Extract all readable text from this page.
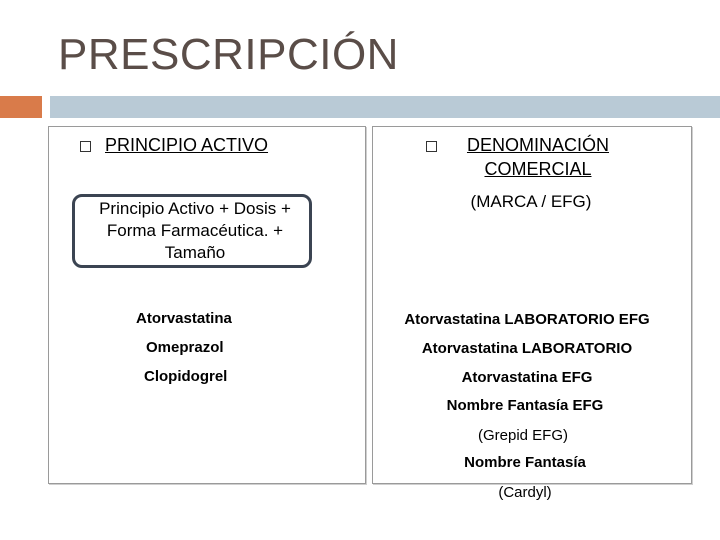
PRESCRIPCIÓN
PRINCIPIO ACTIVO
Principio Activo + Dosis +
Forma Farmacéutica. +
Tamaño
Atorvastatina
Omeprazol
Clopidogrel
DENOMINACIÓN
COMERCIAL
(MARCA / EFG)
Atorvastatina LABORATORIO EFG
Atorvastatina LABORATORIO
Atorvastatina EFG
Nombre Fantasía EFG
(Grepid EFG)
Nombre Fantasía
(Cardyl)
